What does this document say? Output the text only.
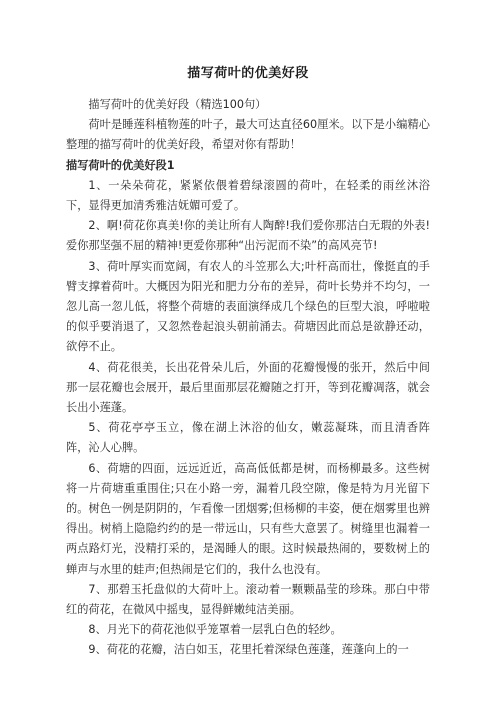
描写荷叶的优美好段

描写荷叶的优美好段（精选100句）

荷叶是睡莲科植物莲的叶子，最大可达直径60厘米。以下是小编精心整理的描写荷叶的优美好段，希望对你有帮助！

描写荷叶的优美好段1

1、一朵朵荷花，紧紧依偎着碧绿滚圆的荷叶，在轻柔的雨丝沐浴下，显得更加清秀雅洁妩媚可爱了。

2、啊!荷花你真美!你的美让所有人陶醉!我们爱你那洁白无瑕的外表!爱你那坚强不屈的精神!更爱你那种“出污泥而不染”的高风亮节!

3、荷叶厚实而宽阔，有农人的斗笠那么大;叶杆高而壮，像挺直的手臂支撑着荷叶。大概因为阳光和肥力分布的差异，荷叶长势并不均匀，一忽儿高一忽儿低，将整个荷塘的表面演绎成几个绿色的巨型大浪，呼啦啦的似乎要消退了，又忽然卷起浪头朝前涌去。荷塘因此而总是欲静还动，欲停不止。

4、荷花很美，长出花骨朵儿后，外面的花瓣慢慢的张开，然后中间那一层花瓣也会展开，最后里面那层花瓣随之打开，等到花瓣凋落，就会长出小莲蓬。

5、荷花亭亭玉立，像在湖上沐浴的仙女，嫩蕊凝珠，而且清香阵阵，沁人心脾。

6、荷塘的四面，远远近近，高高低低都是树，而杨柳最多。这些树将一片荷塘重重围住;只在小路一旁，漏着几段空隙，像是特为月光留下的。树色一例是阴阴的，乍看像一团烟雾;但杨柳的丰姿，便在烟雾里也辨得出。树梢上隐隐约约的是一带远山，只有些大意罢了。树缝里也漏着一两点路灯光，没精打采的，是渴睡人的眼。这时候最热闹的，要数树上的蝉声与水里的蛙声;但热闹是它们的，我什么也没有。

7、那碧玉托盘似的大荷叶上。滚动着一颗颗晶莹的珍珠。那白中带红的荷花，在微风中摇曳，显得鲜嫩纯洁美丽。

8、月光下的荷花池似乎笼罩着一层乳白色的轻纱。

9、荷花的花瓣，洁白如玉，花里托着深绿色莲蓬，莲蓬向上的一
